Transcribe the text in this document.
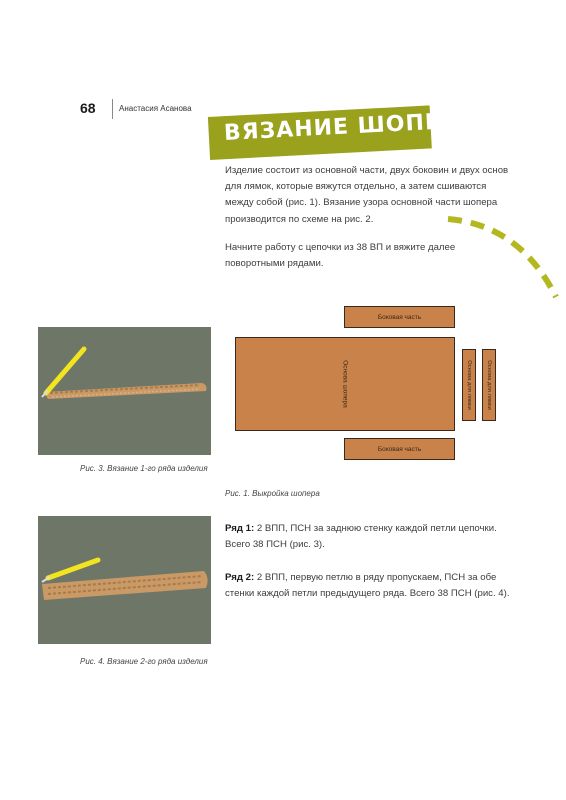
68	Анастасия Асанова ВЯЗАНИЕ ШОПЕРА
Изделие состоит из основной части, двух боковин и двух основ для лямок, которые вяжутся отдельно, а затем сшиваются между собой (рис. 1). Вязание узора основной части шопера производится по схеме на рис. 2.
Начните работу с цепочки из 38 ВП и вяжите далее поворотными рядами.
Боковая часть
Основа шопера
Боковая часть
Основа для лямки Основа для лямки
Рис. 1. Выкройка шопера
Рис. 3. Вязание 1-го ряда изделия
Рис. 4. Вязание 2-го ряда изделия
Ряд 1: 2 ВПП, ПСН за заднюю стенку каждой петли цепочки. Всего 38 ПСН (рис. 3).
Ряд 2: 2 ВПП, первую петлю в ряду пропускаем, ПСН за обе стенки каждой петли предыдущего ряда. Всего 38 ПСН (рис. 4).
PassionForum.ru
